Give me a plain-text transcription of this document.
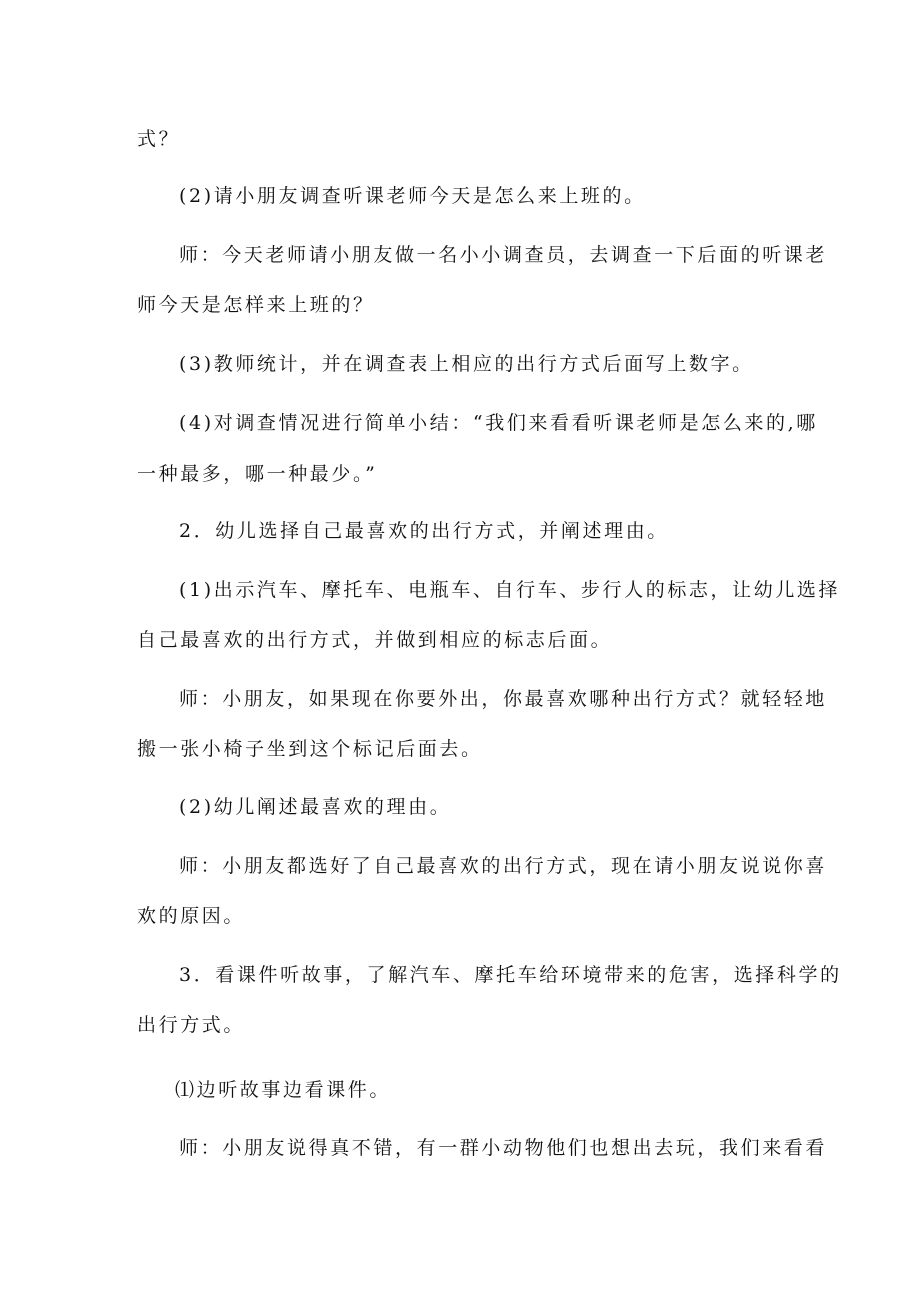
式？
(2)请小朋友调查听课老师今天是怎么来上班的。
师：今天老师请小朋友做一名小小调查员，去调查一下后面的听课老
师今天是怎样来上班的？
(3)教师统计，并在调查表上相应的出行方式后面写上数字。
(4)对调查情况进行简单小结：“我们来看看听课老师是怎么来的,哪
一种最多，哪一种最少。”
2．幼儿选择自己最喜欢的出行方式，并阐述理由。
(1)出示汽车、摩托车、电瓶车、自行车、步行人的标志，让幼儿选择
自己最喜欢的出行方式，并做到相应的标志后面。
师：小朋友，如果现在你要外出，你最喜欢哪种出行方式？就轻轻地
搬一张小椅子坐到这个标记后面去。
(2)幼儿阐述最喜欢的理由。
师：小朋友都选好了自己最喜欢的出行方式，现在请小朋友说说你喜
欢的原因。
3．看课件听故事，了解汽车、摩托车给环境带来的危害，选择科学的
出行方式。
⑴边听故事边看课件。
师：小朋友说得真不错，有一群小动物他们也想出去玩，我们来看看
